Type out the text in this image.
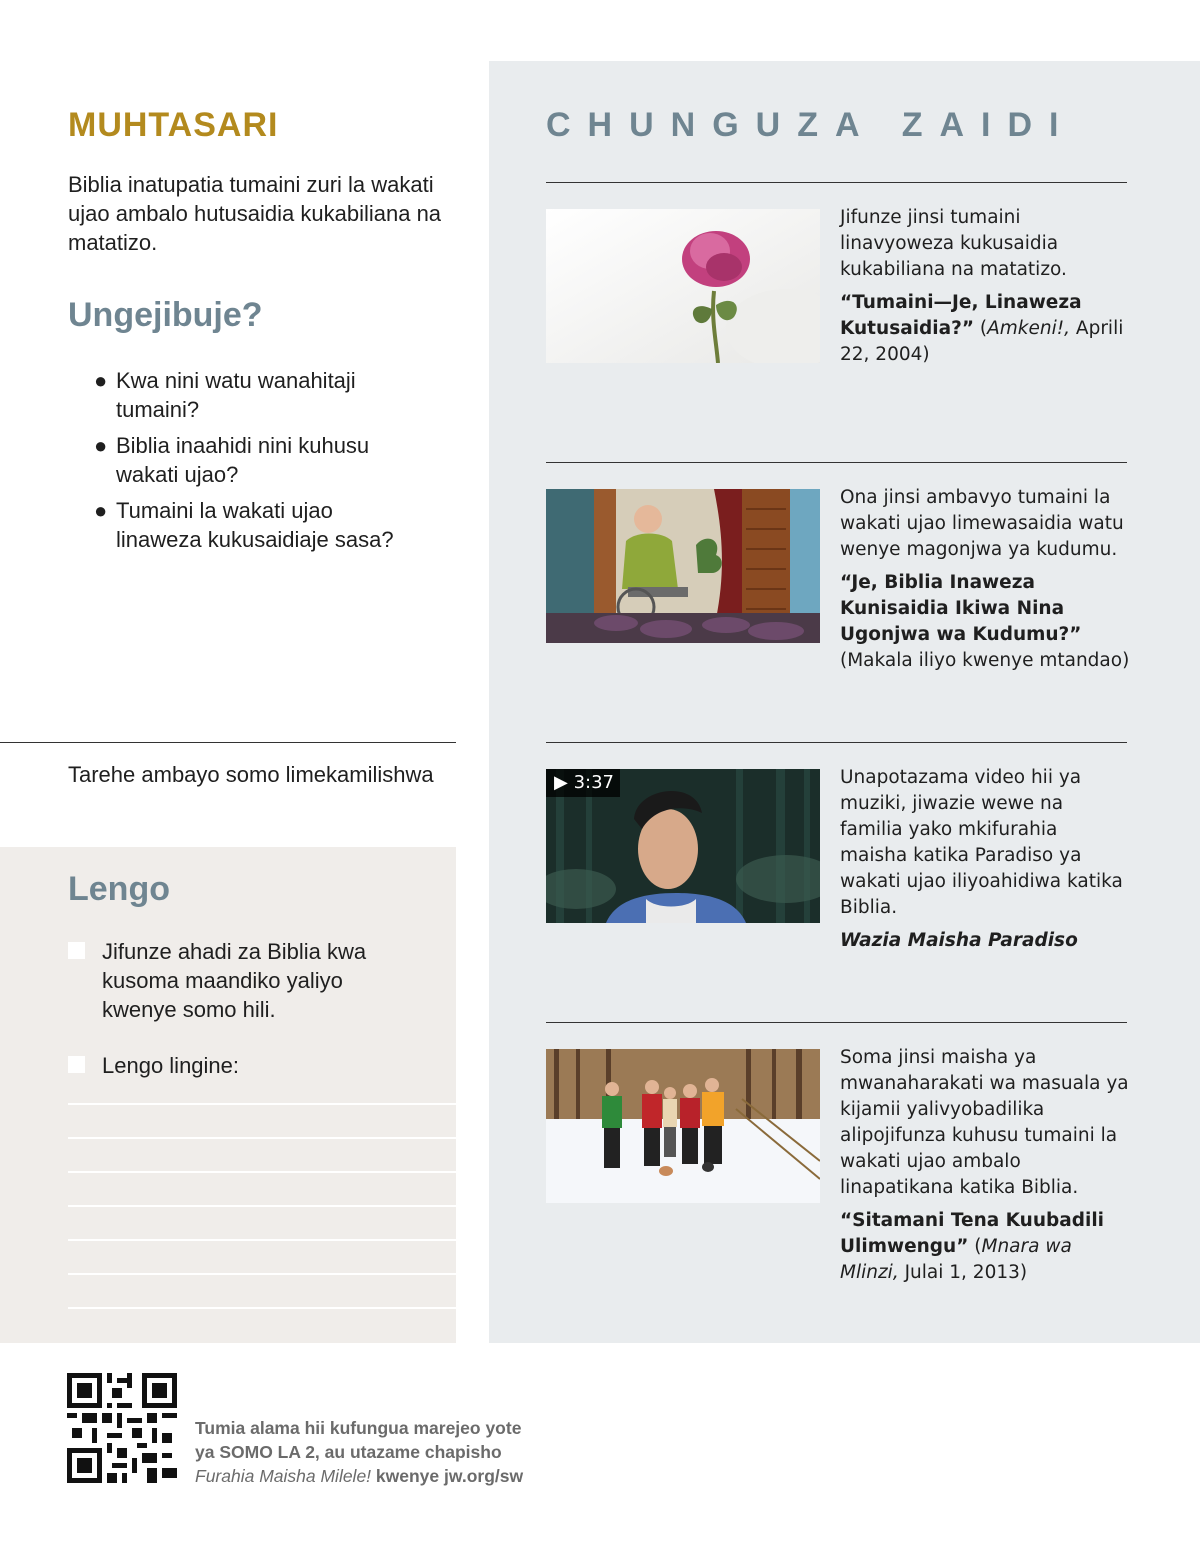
MUHTASARI
Biblia inatupatia tumaini zuri la wakati ujao ambalo hutusaidia kukabiliana na matatizo.
Ungejibuje?
● Kwa nini watu wanahitaji tumaini?
● Biblia inaahidi nini kuhusu wakati ujao?
● Tumaini la wakati ujao linaweza kukusaidiaje sasa?
Tarehe ambayo somo limekamilishwa
Lengo
Jifunze ahadi za Biblia kwa kusoma maandiko yaliyo kwenye somo hili.
Lengo lingine:
CHUNGUZA ZAIDI
Jifunze jinsi tumaini linavyoweza kukusaidia kukabiliana na matatizo.
“Tumaini—Je, Linaweza Kutusaidia?” (Amkeni!, Aprili 22, 2004)
Ona jinsi ambavyo tumaini la wakati ujao limewasaidia watu wenye magonjwa ya kudumu.
“Je, Biblia Inaweza Kunisaidia Ikiwa Nina Ugonjwa wa Kudumu?” (Makala iliyo kwenye mtandao)
▶ 3:37	Unapotazama video hii ya muziki, jiwazie wewe na familia yako mkifurahia maisha katika Paradiso ya wakati ujao iliyoahidiwa katika Biblia.
Wazia Maisha Paradiso
Soma jinsi maisha ya mwanaharakati wa masuala ya kijamii yalivyobadilika alipojifunza kuhusu tumaini la wakati ujao ambalo linapatikana katika Biblia.
“Sitamani Tena Kuubadili Ulimwengu” (Mnara wa Mlinzi, Julai 1, 2013)
Tumia alama hii kufungua marejeo yote
ya SOMO LA 2, au utazame chapisho
Furahia Maisha Milele! kwenye jw.org/sw
